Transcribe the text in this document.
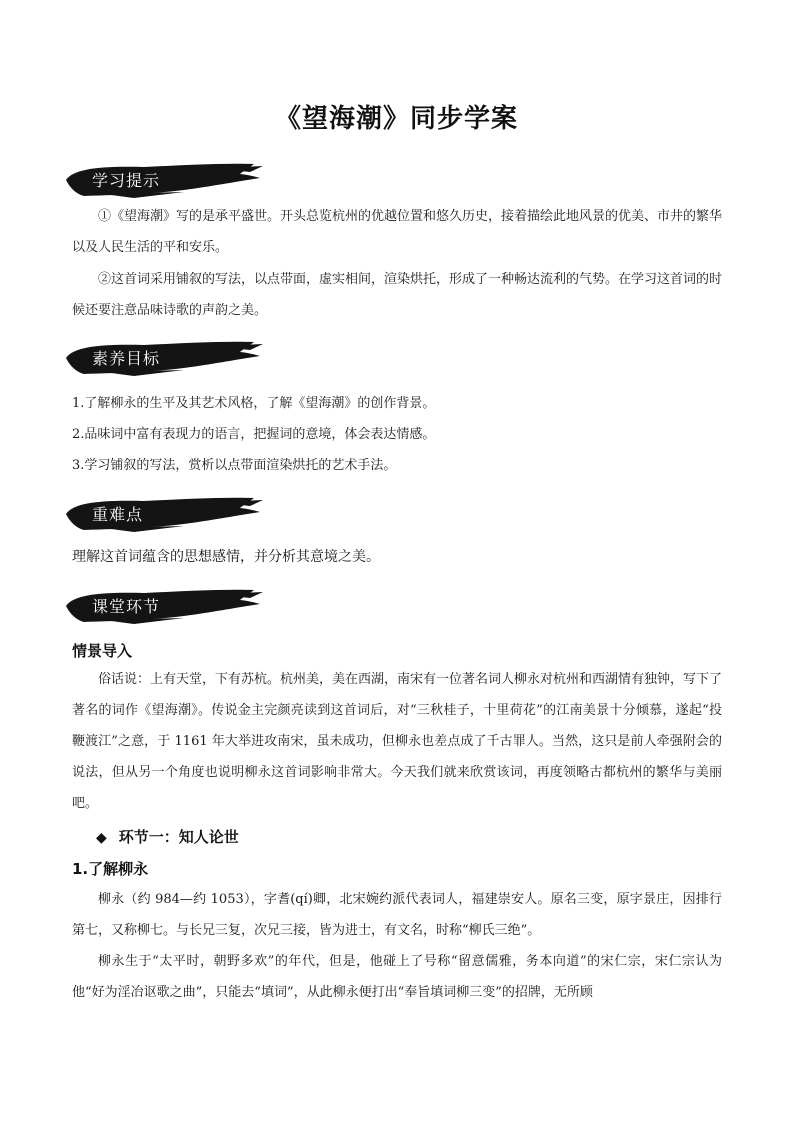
《望海潮》同步学案
学习提示
①《望海潮》写的是承平盛世。开头总览杭州的优越位置和悠久历史，接着描绘此地风景的优美、市井的繁华以及人民生活的平和安乐。
②这首词采用铺叙的写法，以点带面，虚实相间，渲染烘托，形成了一种畅达流利的气势。在学习这首词的时候还要注意品味诗歌的声韵之美。
素养目标
1.了解柳永的生平及其艺术风格，了解《望海潮》的创作背景。
2.品味词中富有表现力的语言，把握词的意境，体会表达情感。
3.学习铺叙的写法，赏析以点带面渲染烘托的艺术手法。
重难点
理解这首词蕴含的思想感情，并分析其意境之美。
课堂环节
情景导入
俗话说：上有天堂，下有苏杭。杭州美，美在西湖，南宋有一位著名词人柳永对杭州和西湖情有独钟，写下了著名的词作《望海潮》。传说金主完颜亮读到这首词后，对“三秋桂子，十里荷花”的江南美景十分倾慕，遂起“投鞭渡江”之意，于 1161 年大举进攻南宋，虽未成功，但柳永也差点成了千古罪人。当然，这只是前人牵强附会的说法，但从另一个角度也说明柳永这首词影响非常大。今天我们就来欣赏该词，再度领略古都杭州的繁华与美丽吧。
◆ 环节一：知人论世
1.了解柳永
柳永（约 984—约 1053），字耆(qí)卿，北宋婉约派代表词人，福建崇安人。原名三变，原字景庄，因排行第七，又称柳七。与长兄三复，次兄三接，皆为进士，有文名，时称“柳氏三绝”。
柳永生于“太平时，朝野多欢”的年代，但是，他碰上了号称“留意儒雅，务本向道”的宋仁宗，宋仁宗认为他“好为淫冶讴歌之曲”，只能去“填词”，从此柳永便打出“奉旨填词柳三变”的招牌，无所顾
